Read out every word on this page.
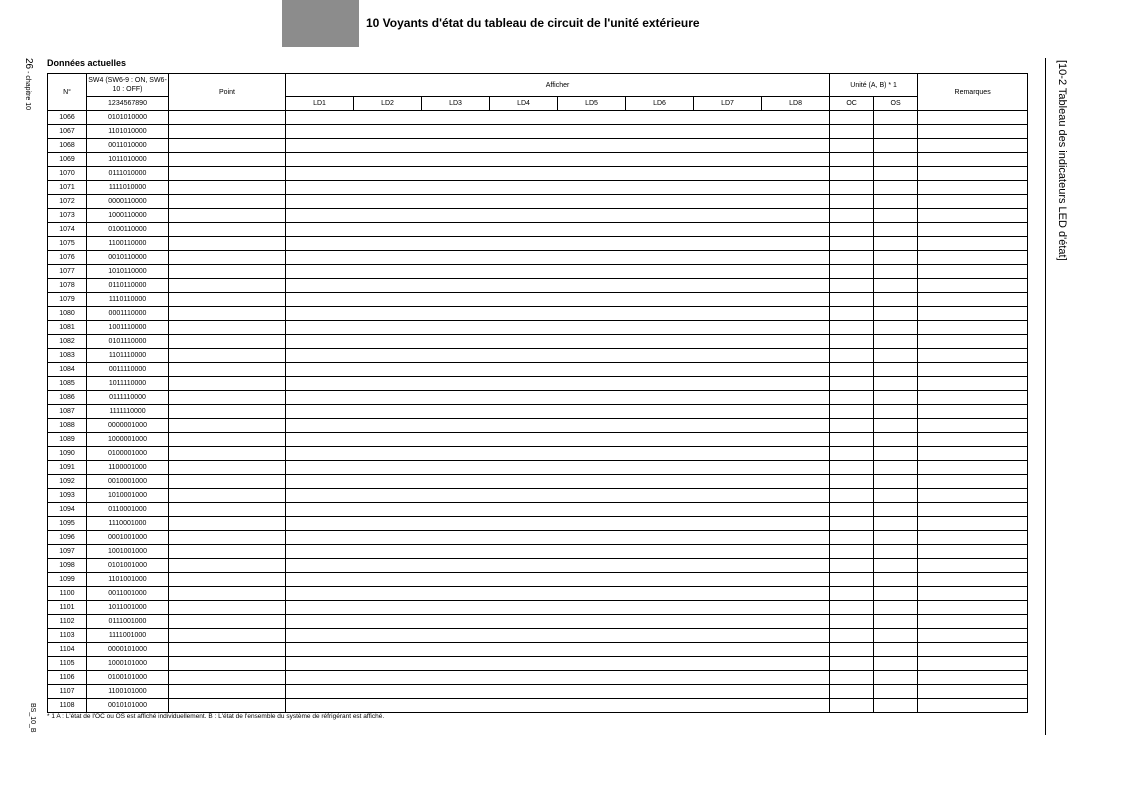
10 Voyants d'état du tableau de circuit de l'unité extérieure
26 - chapitre 10
BS_10_B
[10-2 Tableau des indicateurs LED d'état]
Données actuelles
N°	SW4 (SW6-9 : ON, SW6-10 : OFF)	Point	Afficher								Unité (A, B) * 1		Remarques
	1234567890		LD1	LD2	LD3	LD4	LD5	LD6	LD7	LD8	OC	OS	
1066	0101010000												
1067	1101010000												
1068	0011010000												
1069	1011010000												
1070	0111010000												
1071	1111010000												
1072	0000110000												
1073	1000110000												
1074	0100110000												
1075	1100110000												
1076	0010110000												
1077	1010110000												
1078	0110110000												
1079	1110110000												
1080	0001110000												
1081	1001110000												
1082	0101110000												
1083	1101110000												
1084	0011110000												
1085	1011110000												
1086	0111110000												
1087	1111110000												
1088	0000001000												
1089	1000001000												
1090	0100001000												
1091	1100001000												
1092	0010001000												
1093	1010001000												
1094	0110001000												
1095	1110001000												
1096	0001001000												
1097	1001001000												
1098	0101001000												
1099	1101001000												
1100	0011001000												
1101	1011001000												
1102	0111001000												
1103	1111001000												
1104	0000101000												
1105	1000101000												
1106	0100101000												
1107	1100101000												
1108	0010101000												
* 1 A : L'état de l'OC ou OS est affiché individuellement. B : L'état de l'ensemble du système de réfrigérant est affiché.
